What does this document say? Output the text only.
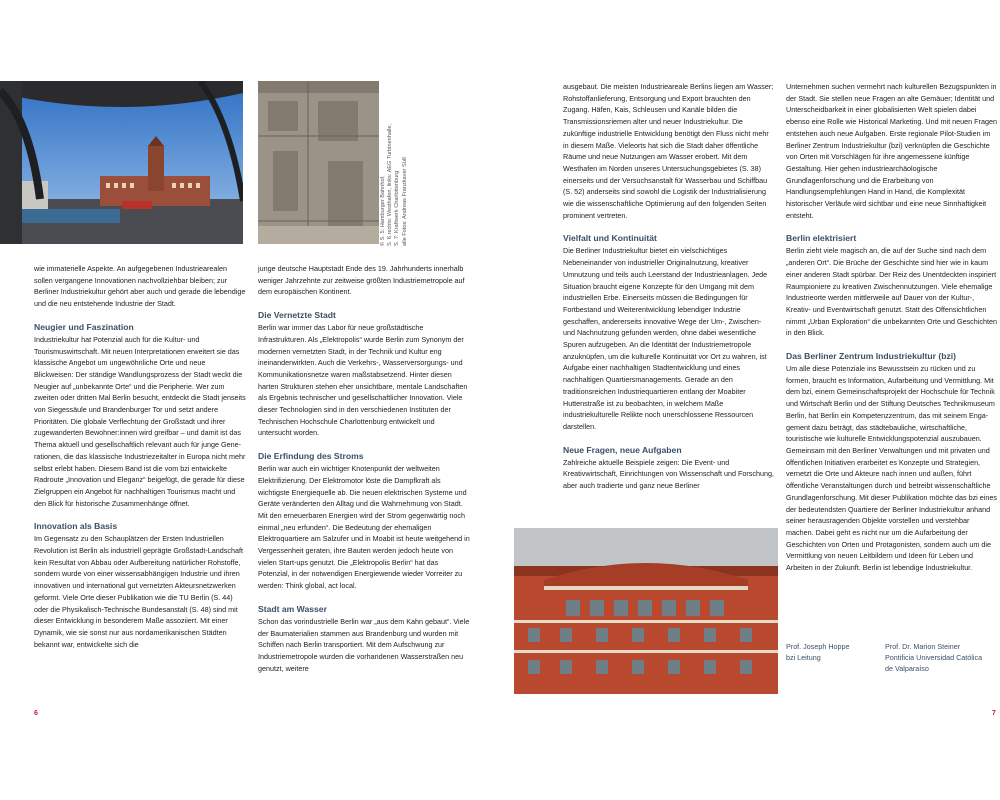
© S. 5: Hamburger Bahnhof, S. 6 rechts: Westhafen, links: AEG Turbinenhalle, S. 7: Kraftwerk Charlottenburg alle Fotos: Andreas Franzkaver Süß

wie immaterielle Aspekte. An aufgegebenen Industriearealen sollen vergangene Innovationen nachvollziehbar bleiben; zur Berliner Industriekultur gehört aber auch und gerade die lebendige und die neu entstehende Industrie der Stadt.

Neugier und Faszination

Industriekultur hat Potenzial auch für die Kultur- und Tourismuswirtschaft. Mit neuen Interpretationen erweitert sie das klassische Angebot um ungewöhnliche Orte und neue Blickweisen: Der ständige Wandlungsprozess der Stadt weckt die Neugier auf „unbekannte Orte“ und die Peripherie. Wer zum zweiten oder dritten Mal Berlin besucht, entdeckt die Stadt jenseits von Siegessäule und Brandenburger Tor und setzt andere Prioritäten. Die globale Verflechtung der Großstadt und ihrer zugewanderten Bewohner:innen wird greifbar – und damit ist das Thema aktuell und gesellschaftlich relevant auch für junge Generationen, die das klassische Industriezeitalter in Europa nicht mehr selbst erlebt haben. Diesem Band ist die vom bzi entwickelte Radroute „Innovation und Eleganz“ beigefügt, die gerade für diese Zielgruppen ein Angebot für nachhaltigen Tourismus macht und den Blick für historische Zusammenhänge öffnet.

Innovation als Basis

Im Gegensatz zu den Schauplätzen der Ersten Industriellen Revolution ist Berlin als industriell geprägte Großstadt-Landschaft kein Resultat von Abbau oder Aufbereitung natürlicher Rohstoffe, sondern wurde von einer wissensabhängigen Industrie und ihren innovativen und international gut vernetzten Akteursnetzwerken geformt. Viele Orte dieser Publikation wie die TU Berlin (S. 44) oder die Physikalisch-Technische Bundesanstalt (S. 48) sind mit dieser Entwicklung in besonderem Maße assoziiert. Mit einer Dynamik, wie sie sonst nur aus nordamerikanischen Städten bekannt war, entwickelte sich die

junge deutsche Hauptstadt Ende des 19. Jahrhunderts innerhalb weniger Jahrzehnte zur zeitweise größten Industriemetropole auf dem europäischen Kontinent.

Die Vernetzte Stadt

Berlin war immer das Labor für neue großstädtische Infrastrukturen. Als „Elektropolis“ wurde Berlin zum Synonym der modernen vernetzten Stadt, in der Technik und Kultur eng ineinanderwirkten. Auch die Verkehrs-, Wasserversorgungs- und Kommunikationsnetze waren maßstabsetzend. Hinter diesen harten Strukturen stehen eher unsichtbare, mentale Landschaften als Ergebnis technischer und gesellschaftlicher Innovation. Viele dieser Technologien sind in den verschiedenen Instituten der Technischen Hochschule Charlottenburg entwickelt und untersucht worden.

Die Erfindung des Stroms

Berlin war auch ein wichtiger Knotenpunkt der weltweiten Elektrifizierung. Der Elektromotor löste die Dampfkraft als wichtigste Energiequelle ab. Die neuen elektrischen Systeme und Geräte veränderten den Alltag und die Wahrnehmung von Stadt. Mit den erneuerbaren Energien wird der Strom gegenwärtig noch einmal „neu erfunden“. Die Bedeutung der ehemaligen Elektroquartiere am Salzufer und in Moabit ist heute weitgehend in Vergessenheit geraten, ihre Bauten werden jedoch heute von vielen Start-ups genutzt. Die „Elektropolis Berlin“ hat das Potenzial, in der notwendigen Energiewende wieder Vorreiter zu werden: Think global, act local.

Stadt am Wasser

Schon das vorindustrielle Berlin war „aus dem Kahn gebaut“. Viele der Baumaterialien stammen aus Brandenburg und wurden mit Schiffen nach Berlin transportiert. Mit dem Aufschwung zur Industriemetropole wurden die vorhandenen Wasserstraßen neu genutzt, weitere

ausgebaut. Die meisten Industrieareale Berlins liegen am Wasser; Rohstoffanlieferung, Entsorgung und Export brauchten den Zugang. Häfen, Kais, Schleusen und Kanäle bilden die Transmissionsriemen alter und neuer Industriekultur. Die zukünftige industrielle Entwicklung benötigt den Fluss nicht mehr in diesem Maße. Vieleorts hat sich die Stadt daher öffentliche Räume und neue Nutzungen am Wasser erobert. Mit dem Westhafen im Norden unseres Untersuchungsgebietes (S. 38) einerseits und der Versuchsanstalt für Wasserbau und Schiffbau (S. 52) anderseits sind sowohl die Logistik der Industrialisierung wie die wissenschaftliche Optimierung auf den folgenden Seiten prominent vertreten.

Vielfalt und Kontinuität

Die Berliner Industriekultur bietet ein vielschichtiges Nebeneinander von industrieller Originalnutzung, kreativer Umnutzung und teils auch Leerstand der Industrieanlagen. Jede Situation braucht eigene Konzepte für den Umgang mit dem industriellen Erbe. Einerseits müssen die Bedingungen für Fortbestand und Weiterentwicklung lebendiger Industrie geschaffen, andererseits innovative Wege der Um-, Zwischen- und Nachnutzung gefunden werden, ohne dabei wesentliche Spuren aufzugeben. An die Identität der Industriemetropole anzuknüpfen, um die kulturelle Kontinuität vor Ort zu wahren, ist Aufgabe einer nachhaltigen Stadtentwicklung und eines nachhaltigen Quartiersmanagements. Gerade an den traditionsreichen Industriequartieren entlang der Moabiter Huttenstraße ist zu beobachten, in welchem Maße industriekulturelle Relikte noch unerschlossene Ressourcen darstellen.

Neue Fragen, neue Aufgaben

Zahlreiche aktuelle Beispiele zeigen: Die Event- und Kreativwirtschaft, Einrichtungen von Wissenschaft und Forschung, aber auch tradierte und ganz neue Berliner

Unternehmen suchen vermehrt nach kulturellen Bezugspunkten in der Stadt. Sie stellen neue Fragen an alte Gemäuer; Identität und Unterscheidbarkeit in einer globalisierten Welt spielen dabei ebenso eine Rolle wie Historical Marketing. Und mit neuen Fragen entstehen auch neue Aufgaben. Erste regionale Pilot-Studien im Berliner Zentrum Industriekultur (bzi) verknüpfen die Geschichte von Orten mit Vorschlägen für ihre angemessene künftige Gestaltung. Hier gehen industriearchäologische Grundlagenforschung und die Erarbeitung von Handlungsempfehlungen Hand in Hand, die Komplexität historischer Verläufe wird sichtbar und eine neue Sinnhaftigkeit entsteht.

Berlin elektrisiert

Berlin zieht viele magisch an, die auf der Suche sind nach dem „anderen Ort“. Die Brüche der Geschichte sind hier wie in kaum einer anderen Stadt spürbar. Der Reiz des Unentdeckten inspiriert Raumpioniere zu kreativen Zwischennutzungen. Viele ehemalige Industrieorte werden mittlerweile auf Dauer von der Kultur-, Kreativ- und Eventwirtschaft genutzt. Statt des Offensichtlichen nimmt „Urban Exploration“ die unbekannten Orte und Geschichten in den Blick.

Das Berliner Zentrum Industriekultur (bzi)

Um alle diese Potenziale ins Bewusstsein zu rücken und zu formen, braucht es Information, Aufarbeitung und Vermittlung. Mit dem bzi, einem Gemeinschaftsprojekt der Hochschule für Technik und Wirtschaft Berlin und der Stiftung Deutsches Technikmuseum Berlin, hat Berlin ein Kompetenzzentrum, das mit seinem Engagement dazu beträgt, das städtebauliche, wirtschaftliche, touristische wie kulturelle Entwicklungspotenzial auszubauen. Gemeinsam mit den Berliner Verwaltungen und mit privaten und öffentlichen Initiativen erarbeitet es Konzepte und Strategien, vernetzt die Orte und Akteure nach innen und außen, führt öffentliche Veranstaltungen durch und betreibt wissenschaftliche Grundlagenforschung. Mit dieser Publikation möchte das bzi eines der bedeutendsten Quartiere der Berliner Industriekultur anhand seiner herausragenden Objekte vorstellen und verstehbar machen. Dabei geht es nicht nur um die Aufarbeitung der Geschichten von Orten und Protagonisten, sondern auch um die Vermittlung von neuen Leitbildern und Ideen für Leben und Arbeiten in der Zukunft. Berlin ist lebendige Industriekultur.

Prof. Joseph Hoppe
bzi Leitung
Prof. Dr. Marion Steiner
Pontificia Universidad Católica
de Valparaíso
6	7
